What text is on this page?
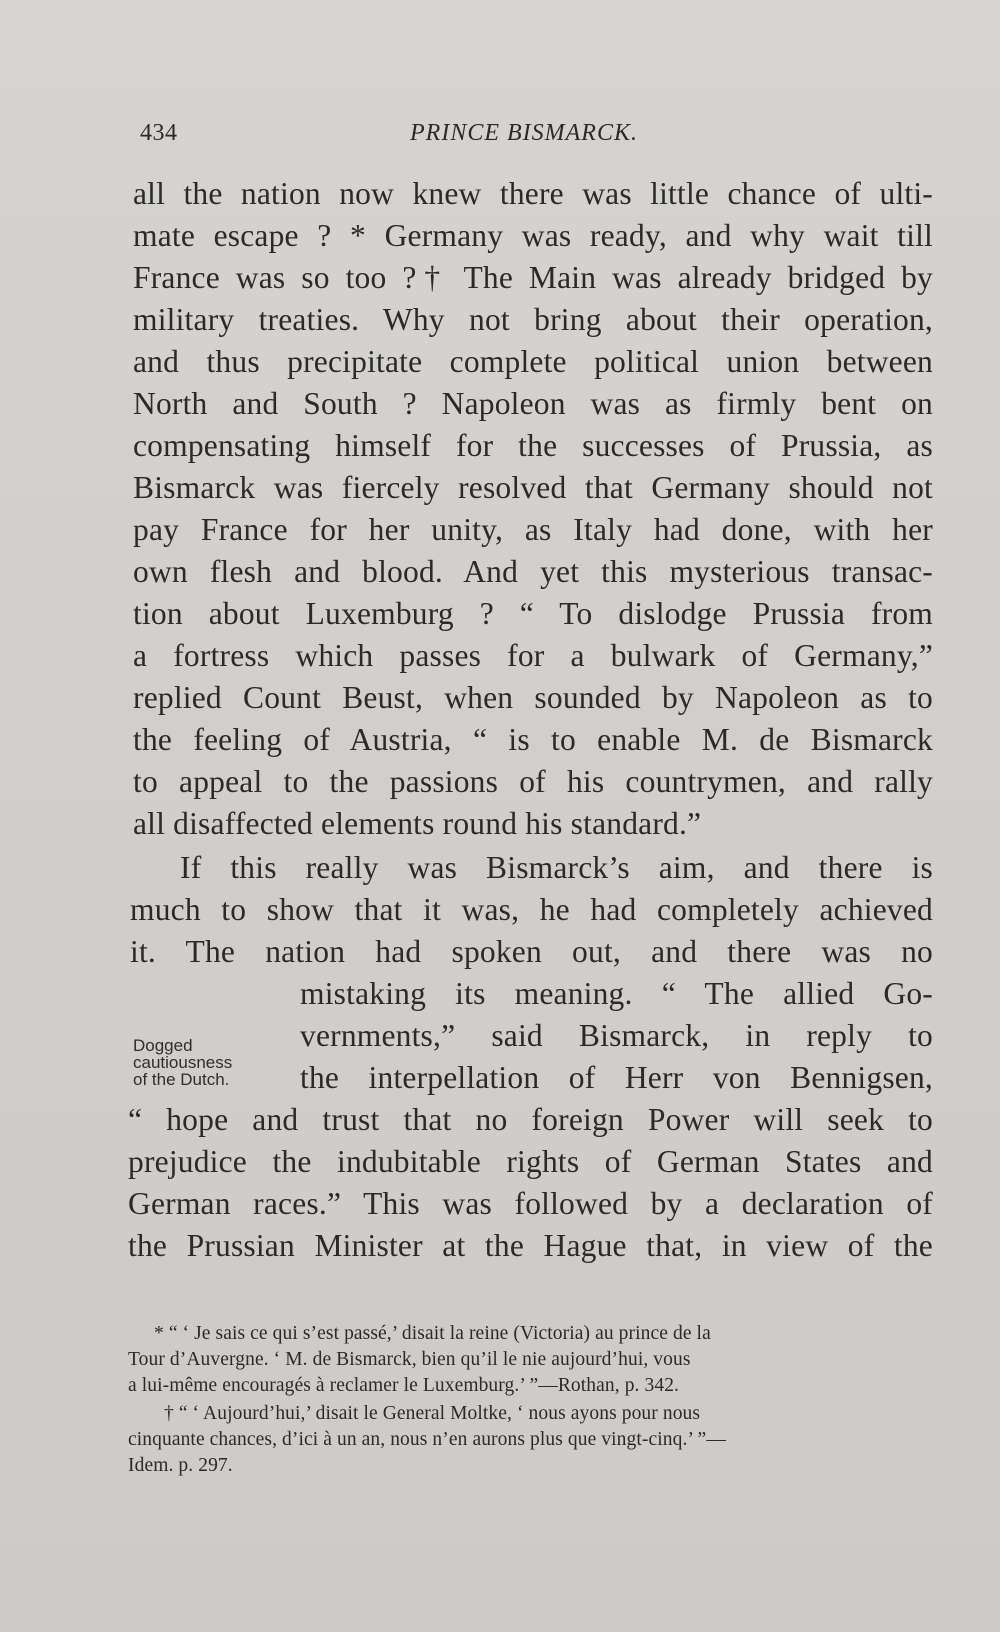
434	PRINCE BISMARCK.
all the nation now knew there was little chance of ulti-
mate escape ? * Germany was ready, and why wait till
France was so too ?† The Main was already bridged by
military treaties. Why not bring about their operation,
and thus precipitate complete political union between
North and South ? Napoleon was as firmly bent on
compensating himself for the successes of Prussia, as
Bismarck was fiercely resolved that Germany should not
pay France for her unity, as Italy had done, with her
own flesh and blood. And yet this mysterious transac-
tion about Luxemburg ? “ To dislodge Prussia from
a fortress which passes for a bulwark of Germany,”
replied Count Beust, when sounded by Napoleon as to
the feeling of Austria, “ is to enable M. de Bismarck
to appeal to the passions of his countrymen, and rally
all disaffected elements round his standard.”
If this really was Bismarck’s aim, and there is
much to show that it was, he had completely achieved
it. The nation had spoken out, and there was no
mistaking its meaning. “ The allied Go-
vernments,” said Bismarck, in reply to
the interpellation of Herr von Bennigsen,
“ hope and trust that no foreign Power will seek to
prejudice the indubitable rights of German States and
German races.” This was followed by a declaration of
the Prussian Minister at the Hague that, in view of the
Dogged
cautiousness
of the Dutch.
* “ ‘ Je sais ce qui s’est passé,’ disait la reine (Victoria) au prince de la
Tour d’Auvergne. ‘ M. de Bismarck, bien qu’il le nie aujourd’hui, vous
a lui-même encouragés à reclamer le Luxemburg.’ ”—Rothan, p. 342.
† “ ‘ Aujourd’hui,’ disait le General Moltke, ‘ nous ayons pour nous
cinquante chances, d’ici à un an, nous n’en aurons plus que vingt-cinq.’ ”—
Idem. p. 297.
